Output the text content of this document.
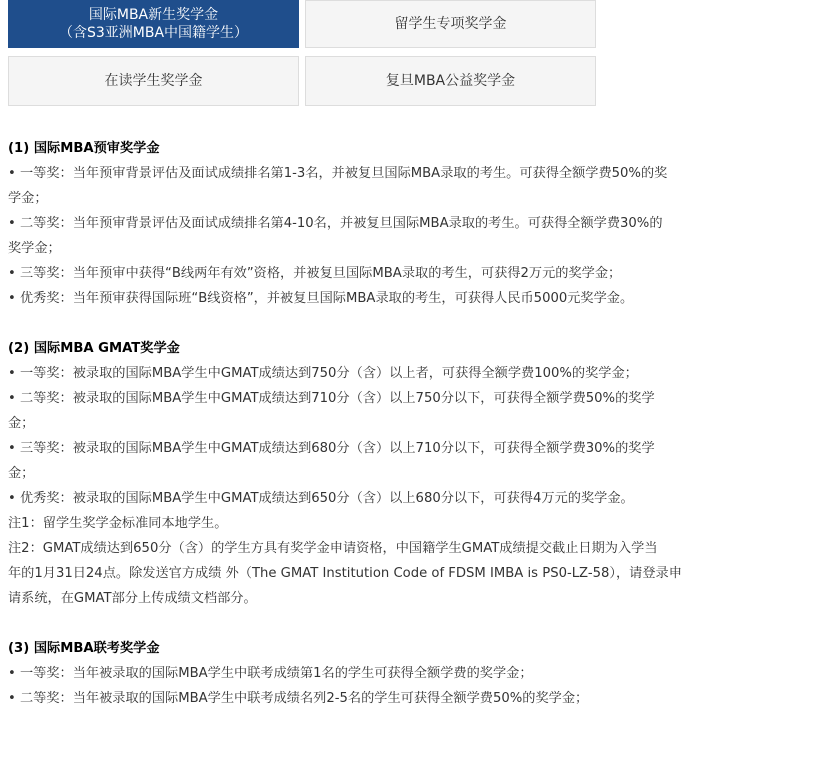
国际MBA新生奖学金
（含S3亚洲MBA中国籍学生）
留学生专项奖学金
在读学生奖学金	复旦MBA公益奖学金
(1) 国际MBA预审奖学金

• 一等奖：当年预审背景评估及面试成绩排名第1-3名，并被复旦国际MBA录取的考生。可获得全额学费50%的奖

学金；

• 二等奖：当年预审背景评估及面试成绩排名第4-10名，并被复旦国际MBA录取的考生。可获得全额学费30%的

奖学金；

• 三等奖：当年预审中获得“B线两年有效”资格，并被复旦国际MBA录取的考生，可获得2万元的奖学金；

• 优秀奖：当年预审获得国际班“B线资格”，并被复旦国际MBA录取的考生，可获得人民币5000元奖学金。

(2) 国际MBA GMAT奖学金

• 一等奖：被录取的国际MBA学生中GMAT成绩达到750分（含）以上者，可获得全额学费100%的奖学金；

• 二等奖：被录取的国际MBA学生中GMAT成绩达到710分（含）以上750分以下，可获得全额学费50%的奖学

金；

• 三等奖：被录取的国际MBA学生中GMAT成绩达到680分（含）以上710分以下，可获得全额学费30%的奖学

金；

• 优秀奖：被录取的国际MBA学生中GMAT成绩达到650分（含）以上680分以下，可获得4万元的奖学金。

注1：留学生奖学金标准同本地学生。

注2：GMAT成绩达到650分（含）的学生方具有奖学金申请资格，中国籍学生GMAT成绩提交截止日期为入学当

年的1月31日24点。除发送官方成绩 外（The GMAT Institution Code of FDSM IMBA is PS0-LZ-58），请登录申

请系统，在GMAT部分上传成绩文档部分。

(3) 国际MBA联考奖学金

• 一等奖：当年被录取的国际MBA学生中联考成绩第1名的学生可获得全额学费的奖学金；

• 二等奖：当年被录取的国际MBA学生中联考成绩名列2-5名的学生可获得全额学费50%的奖学金；
